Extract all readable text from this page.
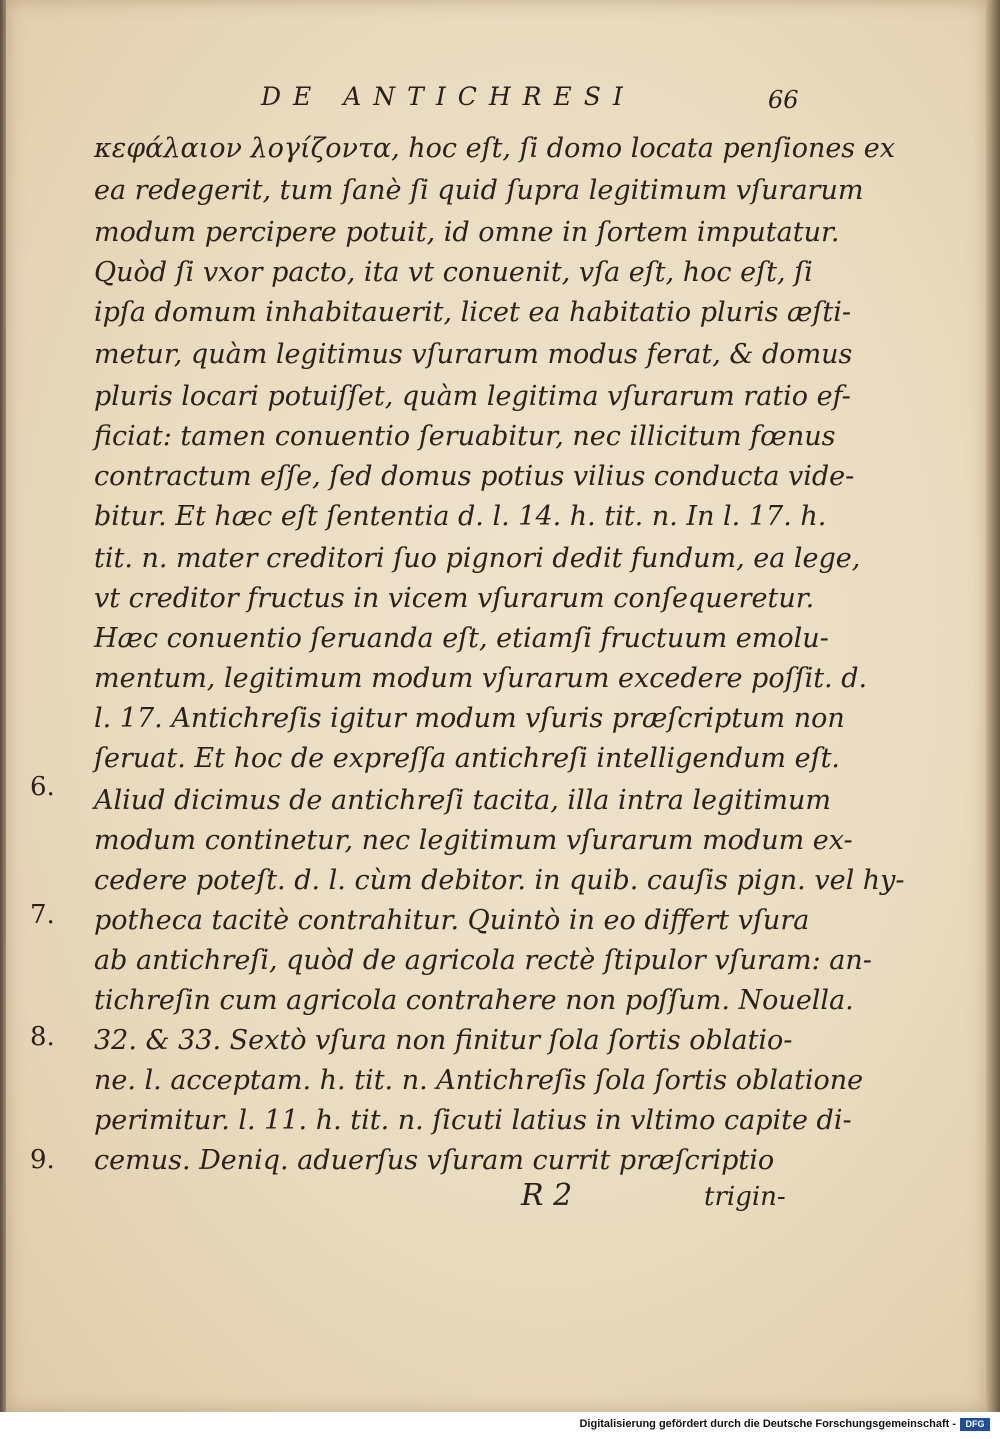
DE ANTICHRESI	66
κεφάλαιον λογίζοντα, hoc eſt, ſi domo locata penſiones ex
ea redegerit, tum ſanè ſi quid ſupra legitimum vſurarum
modum percipere potuit, id omne in ſortem imputatur.
Quòd ſi vxor pacto, ita vt conuenit, vſa eſt, hoc eſt, ſi
ipſa domum inhabitauerit, licet ea habitatio pluris æſti-
metur, quàm legitimus vſurarum modus ferat, & domus
pluris locari potuiſſet, quàm legitima vſurarum ratio ef-
ficiat: tamen conuentio ſeruabitur, nec illicitum fœnus
contractum eſſe, ſed domus potius vilius conducta vide-
bitur. Et hæc eſt ſententia d. l. 14. h. tit. n. In l. 17. h.
tit. n. mater creditori ſuo pignori dedit fundum, ea lege,
vt creditor fructus in vicem vſurarum conſequeretur.
Hæc conuentio ſeruanda eſt, etiamſi fructuum emolu-
mentum, legitimum modum vſurarum excedere poſſit. d.
l. 17. Antichreſis igitur modum vſuris præſcriptum non
ſeruat. Et hoc de expreſſa antichreſi intelligendum eſt.
Aliud dicimus de antichreſi tacita, illa intra legitimum
modum continetur, nec legitimum vſurarum modum ex-
cedere poteſt. d. l. cùm debitor. in quib. cauſis pign. vel hy-
potheca tacitè contrahitur. Quintò in eo differt vſura
ab antichreſi, quòd de agricola rectè ſtipulor vſuram: an-
tichreſin cum agricola contrahere non poſſum. Nouella.
32. & 33. Sextò vſura non finitur ſola ſortis oblatio-
ne. l. acceptam. h. tit. n. Antichreſis ſola ſortis oblatione
perimitur. l. 11. h. tit. n. ſicuti latius in vltimo capite di-
cemus. Deniq. aduerſus vſuram currit præſcriptio
6.
7.
8.
9.
R 2	trigin-
Digitalisierung gefördert durch die Deutsche Forschungsgemeinschaft -	DFG
